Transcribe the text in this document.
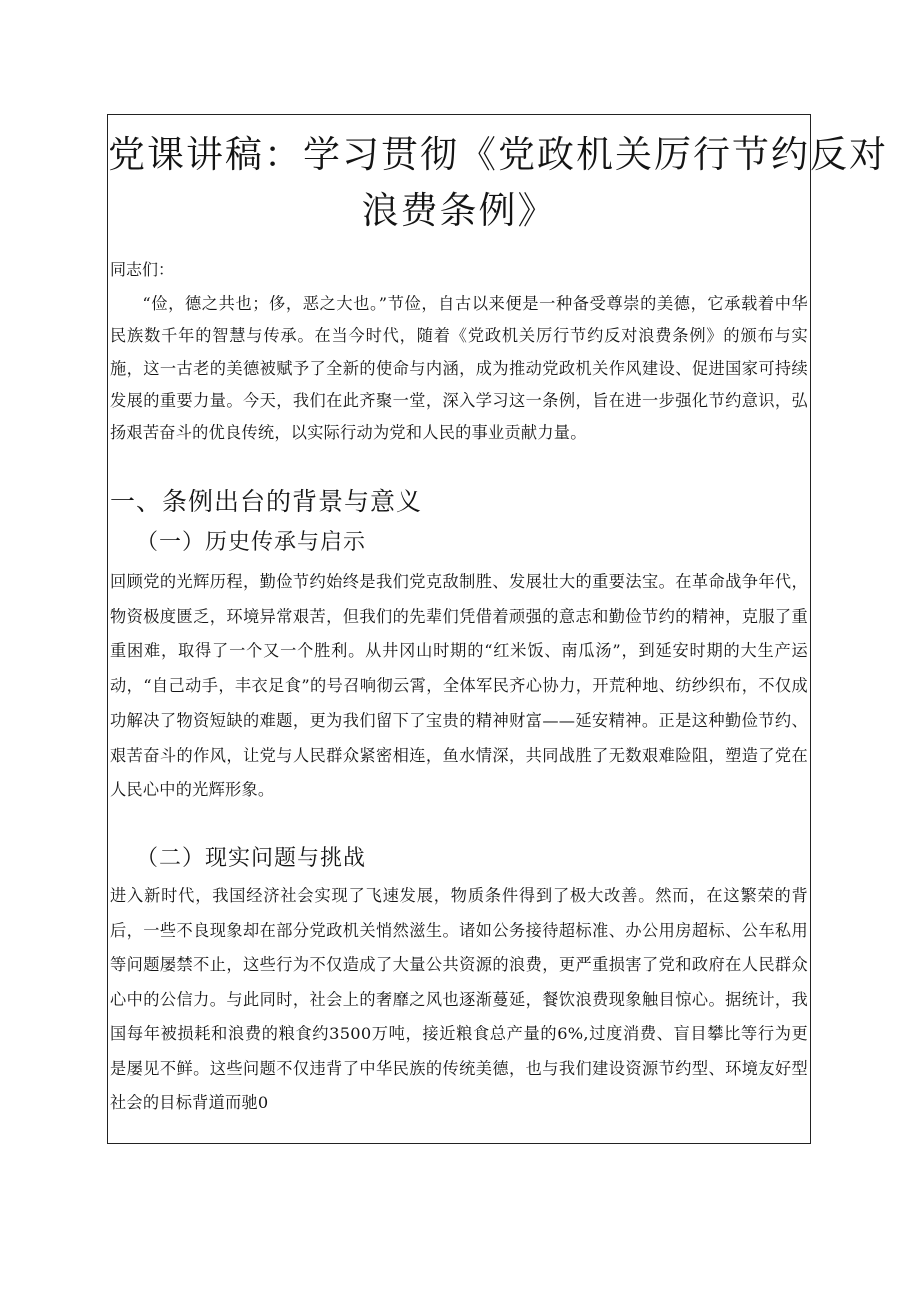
党课讲稿：学习贯彻《党政机关厉行节约反对
浪费条例》

同志们：

“俭，德之共也；侈，恶之大也。”节俭，自古以来便是一种备受尊崇的美德，它承载着中华民族数千年的智慧与传承。在当今时代，随着《党政机关厉行节约反对浪费条例》的颁布与实施，这一古老的美德被赋予了全新的使命与内涵，成为推动党政机关作风建设、促进国家可持续发展的重要力量。今天，我们在此齐聚一堂，深入学习这一条例，旨在进一步强化节约意识，弘扬艰苦奋斗的优良传统，以实际行动为党和人民的事业贡献力量。

一、条例出台的背景与意义
（一）历史传承与启示

回顾党的光辉历程，勤俭节约始终是我们党克敌制胜、发展壮大的重要法宝。在革命战争年代，物资极度匮乏，环境异常艰苦，但我们的先辈们凭借着顽强的意志和勤俭节约的精神，克服了重重困难，取得了一个又一个胜利。从井冈山时期的“红米饭、南瓜汤”，到延安时期的大生产运动，“自己动手，丰衣足食”的号召响彻云霄，全体军民齐心协力，开荒种地、纺纱织布，不仅成功解决了物资短缺的难题，更为我们留下了宝贵的精神财富——延安精神。正是这种勤俭节约、艰苦奋斗的作风，让党与人民群众紧密相连，鱼水情深，共同战胜了无数艰难险阻，塑造了党在人民心中的光辉形象。

（二）现实问题与挑战

进入新时代，我国经济社会实现了飞速发展，物质条件得到了极大改善。然而，在这繁荣的背后，一些不良现象却在部分党政机关悄然滋生。诸如公务接待超标准、办公用房超标、公车私用等问题屡禁不止，这些行为不仅造成了大量公共资源的浪费，更严重损害了党和政府在人民群众心中的公信力。与此同时，社会上的奢靡之风也逐渐蔓延，餐饮浪费现象触目惊心。据统计，我国每年被损耗和浪费的粮食约3500万吨，接近粮食总产量的6%,过度消费、盲目攀比等行为更是屡见不鲜。这些问题不仅违背了中华民族的传统美德，也与我们建设资源节约型、环境友好型社会的目标背道而驰0
